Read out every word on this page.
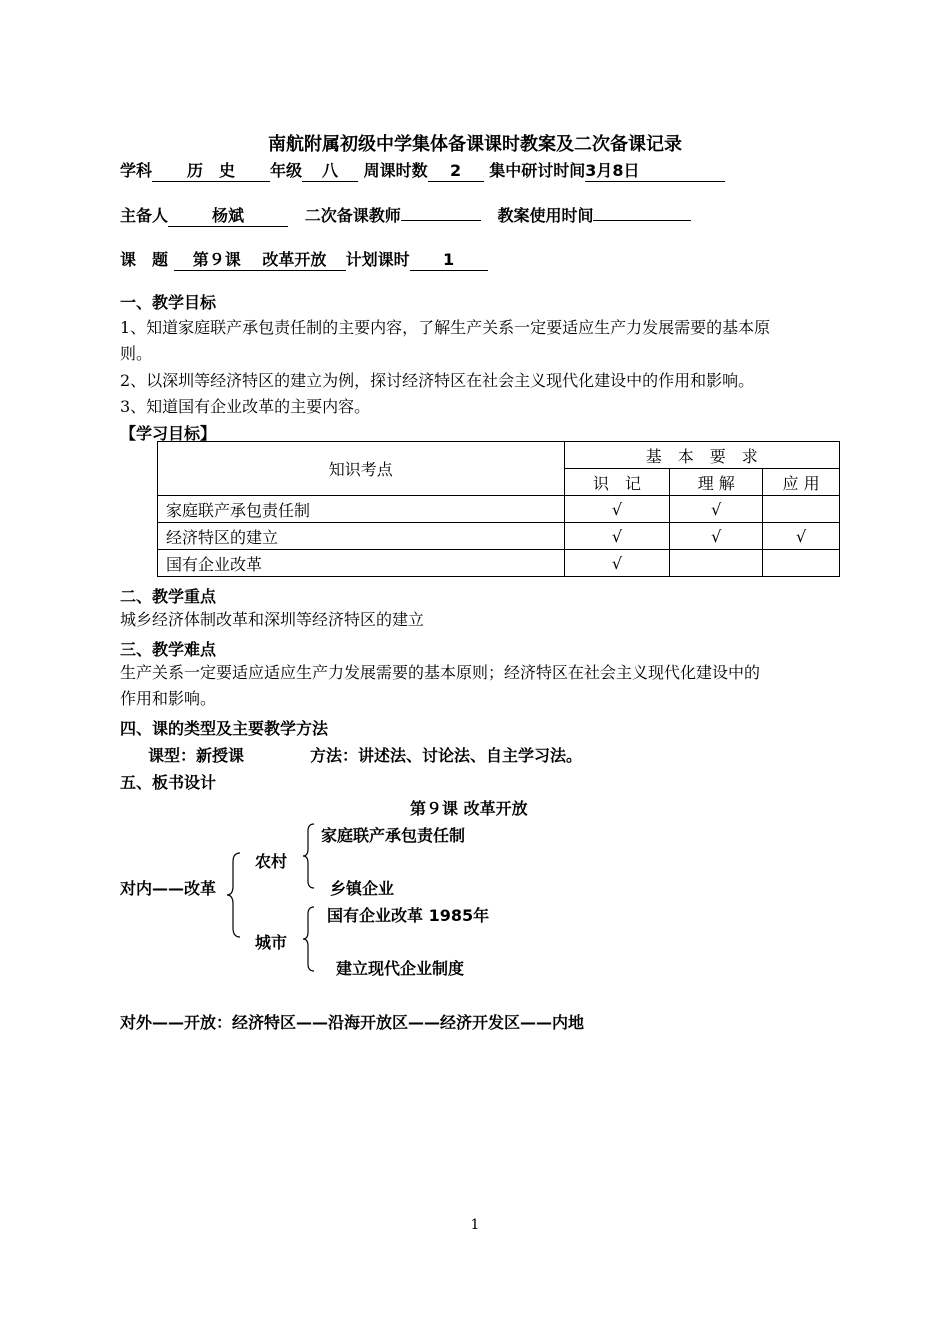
南航附属初级中学集体备课课时教案及二次备课记录
学科 历　史 年级 八 周课时数 2 集中研讨时间3月8日
主备人	杨斌	二次备课教师	教案使用时间
课　题 第９课　 改革开放 计划课时 1
一、教学目标
1、知道家庭联产承包责任制的主要内容，了解生产关系一定要适应生产力发展需要的基本原
则。
2、以深圳等经济特区的建立为例，探讨经济特区在社会主义现代化建设中的作用和影响。
3、知道国有企业改革的主要内容。
【学习目标】
知识考点	基　本　要　求		
	识　记	理 解	应 用
家庭联产承包责任制	√	√	
经济特区的建立	√	√	√
国有企业改革	√		
二、教学重点
城乡经济体制改革和深圳等经济特区的建立
三、教学难点
生产关系一定要适应适应生产力发展需要的基本原则；经济特区在社会主义现代化建设中的
作用和影响。
四、课的类型及主要教学方法
课型：新授课	方法：讲述法、讨论法、自主学习法。
五、板书设计
第９课 改革开放
对内——改革
农村
家庭联产承包责任制
乡镇企业
城市
国有企业改革 1985年
建立现代企业制度
对外——开放：经济特区——沿海开放区——经济开发区——内地
1
